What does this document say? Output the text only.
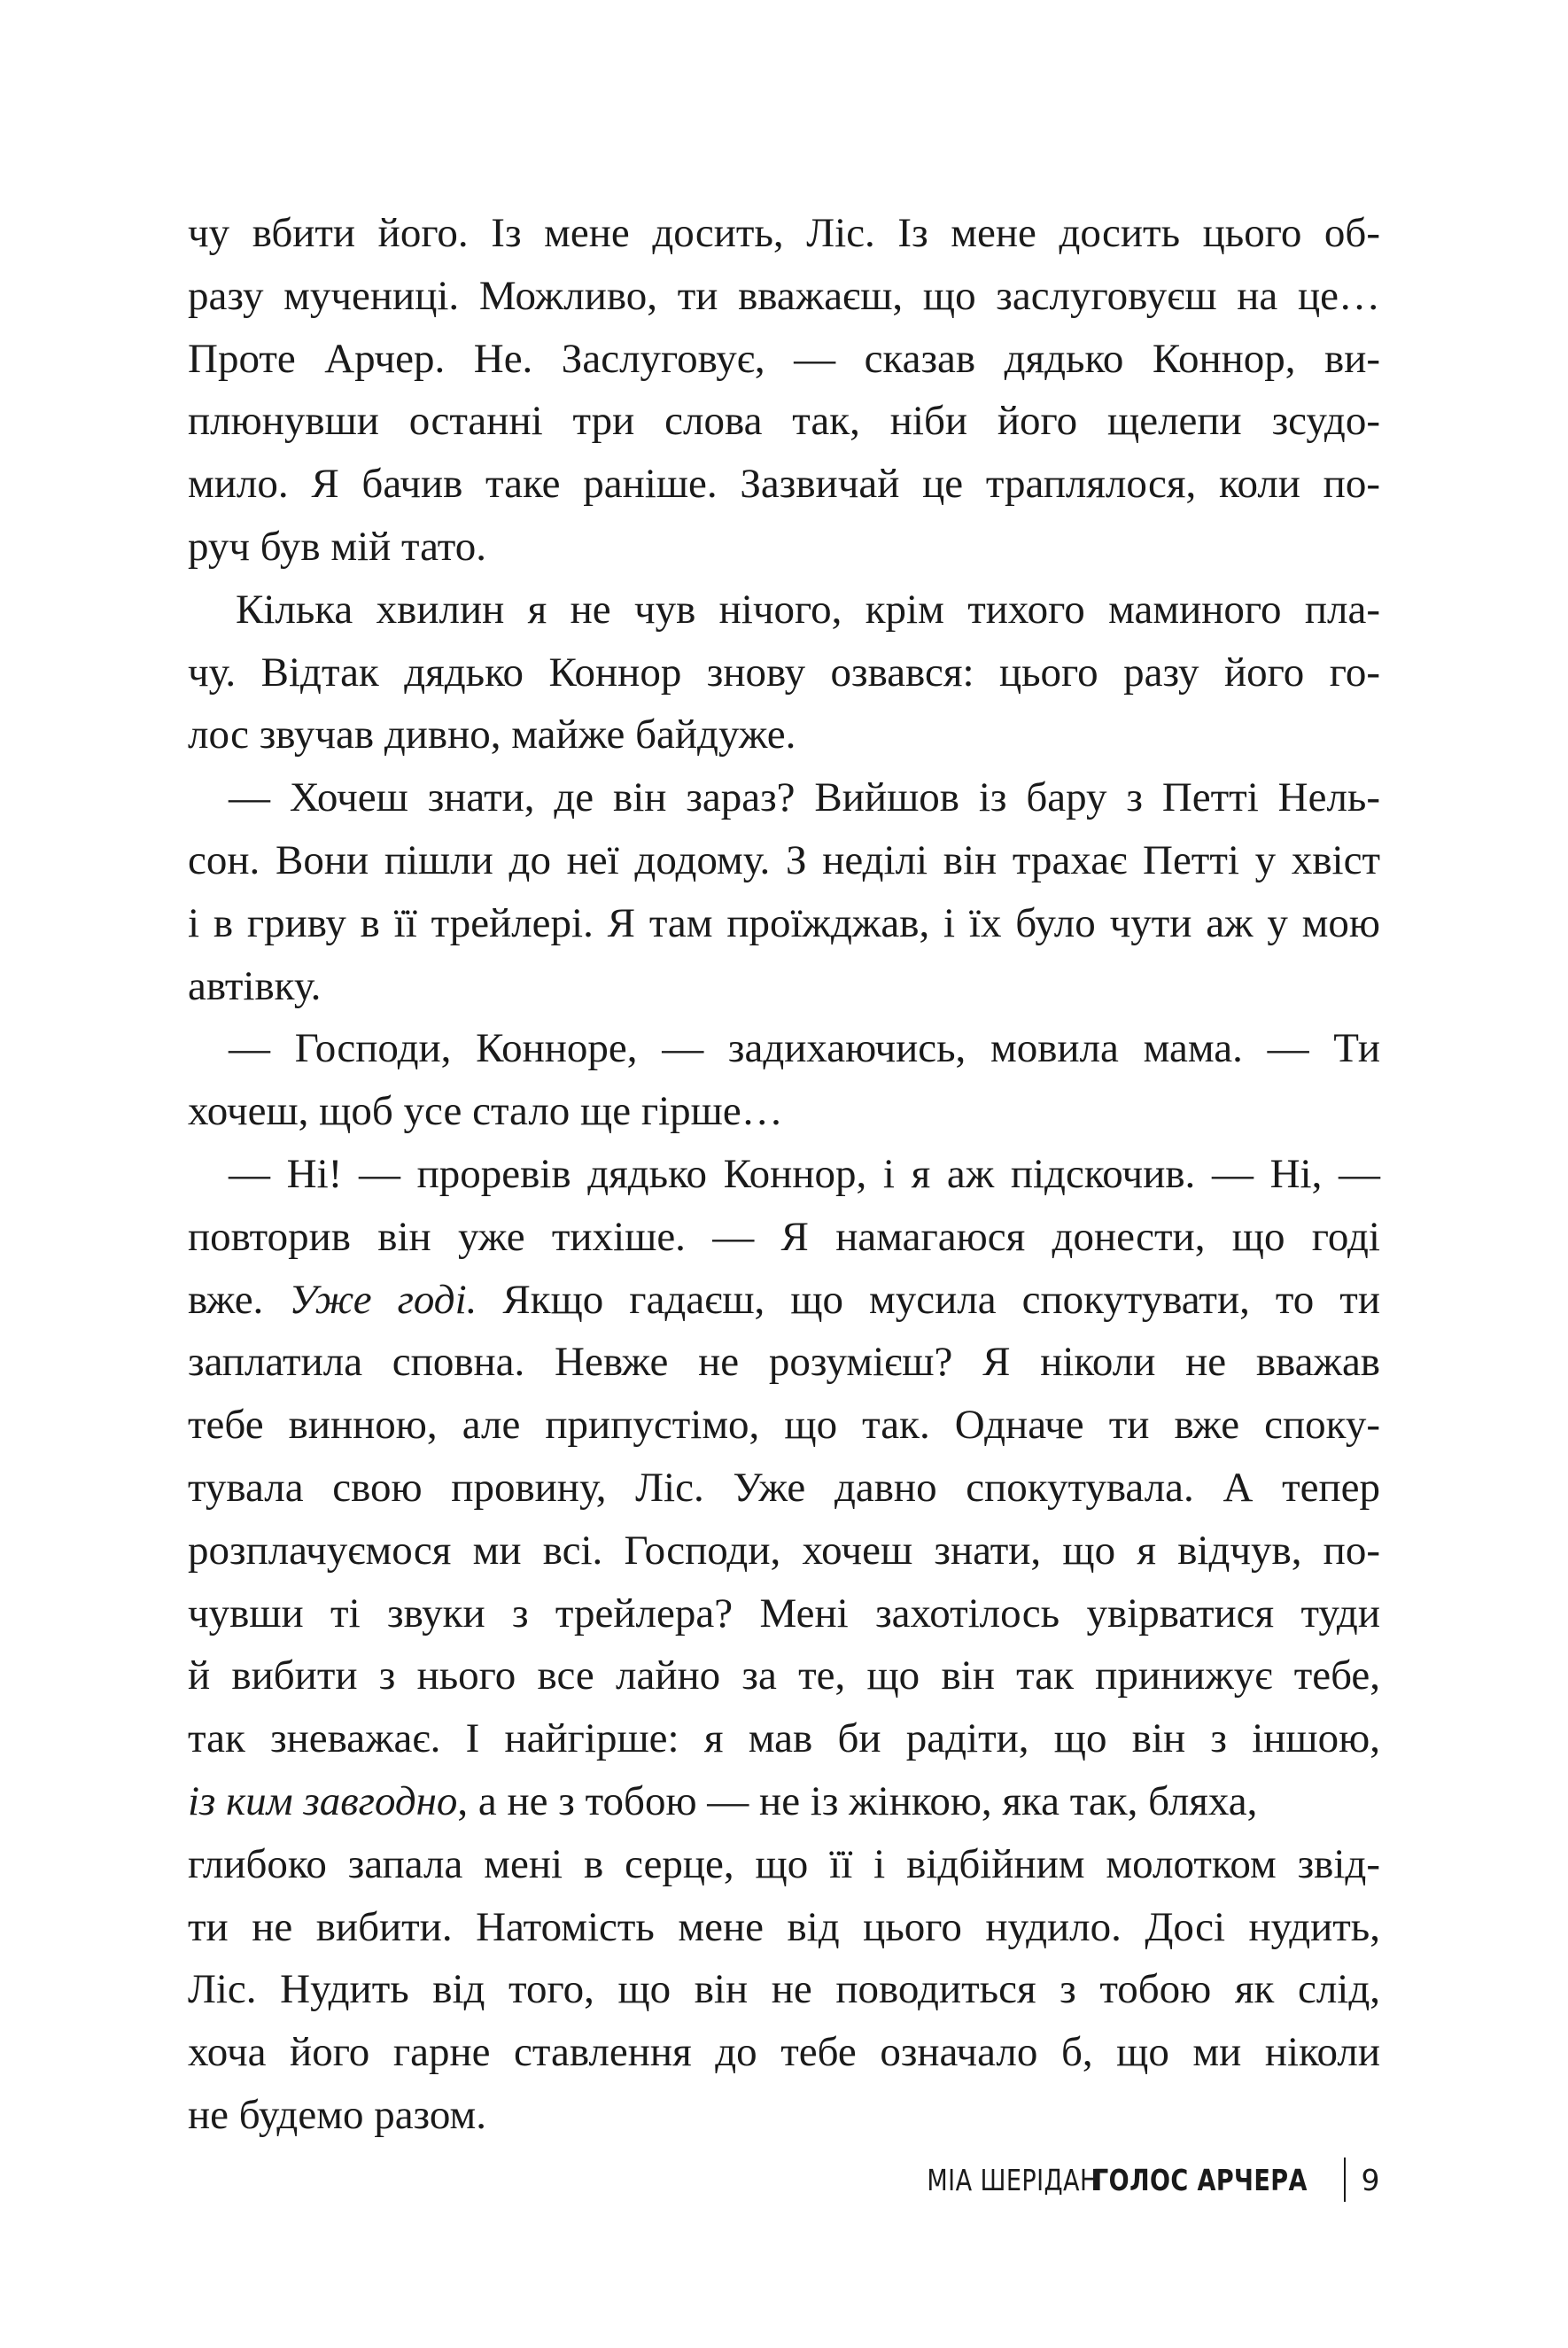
чу вбити його. Із мене досить, Ліс. Із мене досить цього об-
разу мучениці. Можливо, ти вважаєш, що заслуговуєш на це…
Проте Арчер. Не. Заслуговує, — сказав дядько Коннор, ви-
плюнувши останні три слова так, ніби його щелепи зсудо-
мило. Я бачив таке раніше. Зазвичай це траплялося, коли по-
руч був мій тато.
Кілька хвилин я не чув нічого, крім тихого маминого пла-
чу. Відтак дядько Коннор знову озвався: цього разу його го-
лос звучав дивно, майже байдуже.
— Хочеш знати, де він зараз? Вийшов із бару з Петті Нель-
сон. Вони пішли до неї додому. З неділі він трахає Петті у хвіст
і в гриву в її трейлері. Я там проїжджав, і їх було чути аж у мою
автівку.
— Господи, Конноре, — задихаючись, мовила мама. — Ти
хочеш, щоб усе стало ще гірше…
— Ні! — проревів дядько Коннор, і я аж підскочив. — Ні, —
повторив він уже тихіше. — Я намагаюся донести, що годі
вже. Уже годі. Якщо гадаєш, що мусила спокутувати, то ти
заплатила сповна. Невже не розумієш? Я ніколи не вважав
тебе винною, але припустімо, що так. Одначе ти вже споку-
тувала свою провину, Ліс. Уже давно спокутувала. А тепер
розплачуємося ми всі. Господи, хочеш знати, що я відчув, по-
чувши ті звуки з трейлера? Мені захотілось увірватися туди
й вибити з нього все лайно за те, що він так принижує тебе,
так зневажає. І найгірше: я мав би радіти, що він з іншою,
із ким завгодно, а не з тобою — не із жінкою, яка так, бляха,
глибоко запала мені в серце, що її і відбійним молотком звід-
ти не вибити. Натомість мене від цього нудило. Досі нудить,
Ліс. Нудить від того, що він не поводиться з тобою як слід,
хоча його гарне ставлення до тебе означало б, що ми ніколи
не будемо разом.
МІА ШЕРІДАН
ГОЛОС АРЧЕРА 9
